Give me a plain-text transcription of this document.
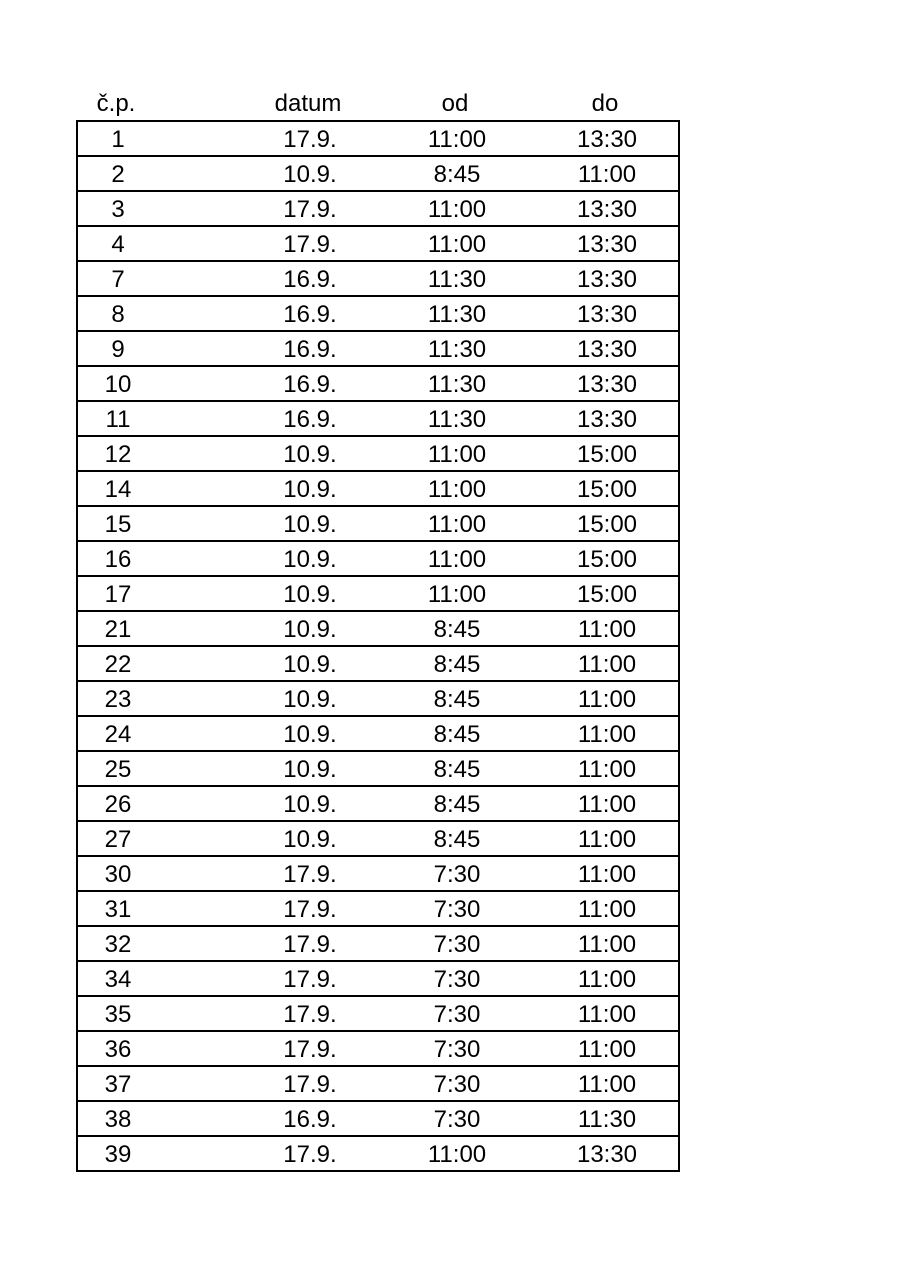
č.p.	datum	od	do
1	17.9.	11:00	13:30
2	10.9.	8:45	11:00
3	17.9.	11:00	13:30
4	17.9.	11:00	13:30
7	16.9.	11:30	13:30
8	16.9.	11:30	13:30
9	16.9.	11:30	13:30
10	16.9.	11:30	13:30
11	16.9.	11:30	13:30
12	10.9.	11:00	15:00
14	10.9.	11:00	15:00
15	10.9.	11:00	15:00
16	10.9.	11:00	15:00
17	10.9.	11:00	15:00
21	10.9.	8:45	11:00
22	10.9.	8:45	11:00
23	10.9.	8:45	11:00
24	10.9.	8:45	11:00
25	10.9.	8:45	11:00
26	10.9.	8:45	11:00
27	10.9.	8:45	11:00
30	17.9.	7:30	11:00
31	17.9.	7:30	11:00
32	17.9.	7:30	11:00
34	17.9.	7:30	11:00
35	17.9.	7:30	11:00
36	17.9.	7:30	11:00
37	17.9.	7:30	11:00
38	16.9.	7:30	11:30
39	17.9.	11:00	13:30
